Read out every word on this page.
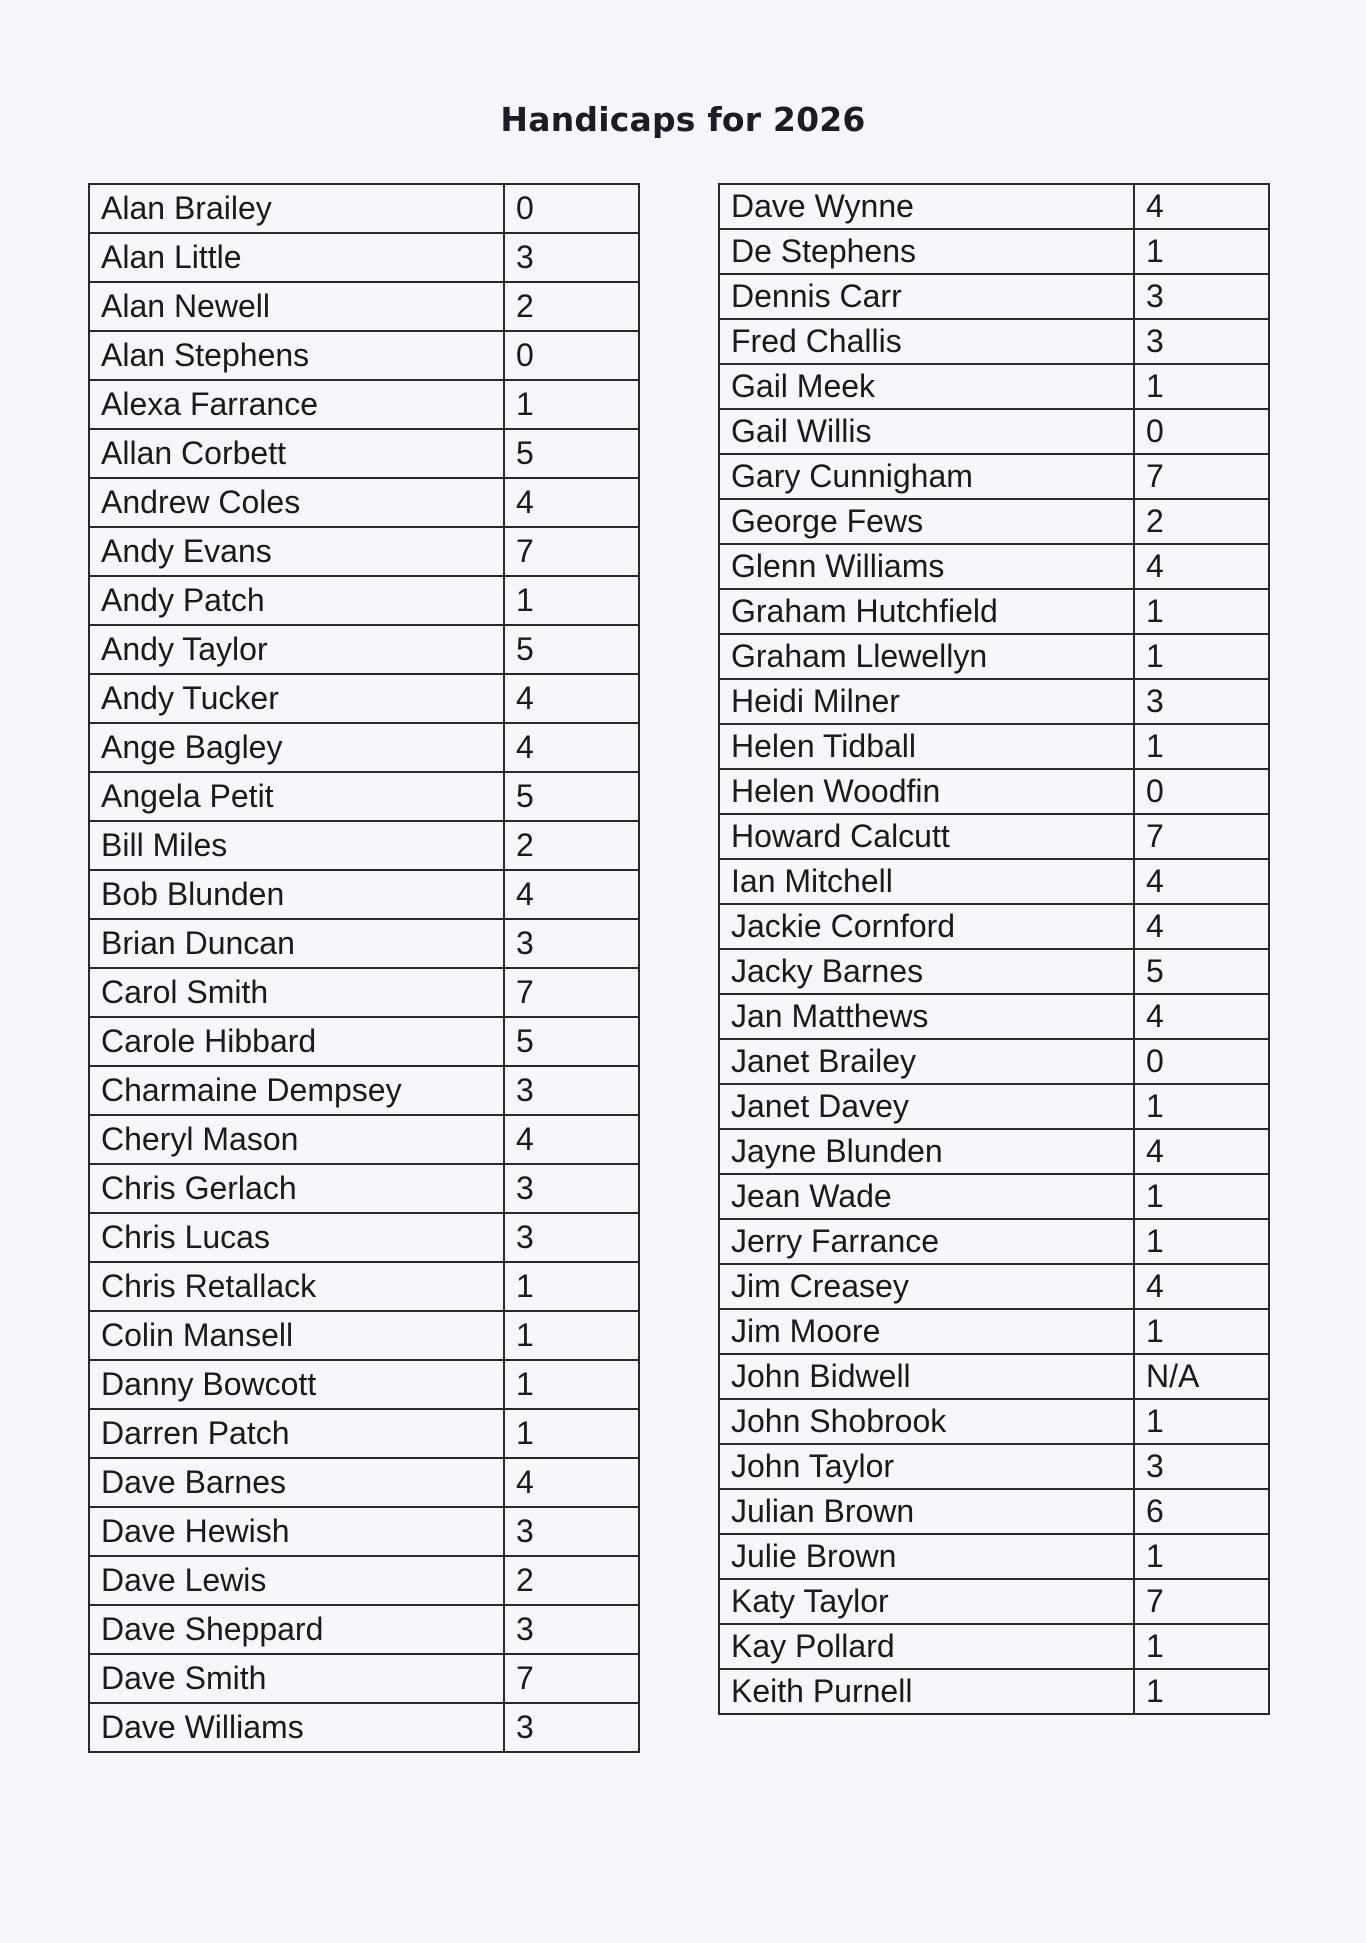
Handicaps for 2026
Alan Brailey	0
Alan Little	3
Alan Newell	2
Alan Stephens	0
Alexa Farrance	1
Allan Corbett	5
Andrew Coles	4
Andy Evans	7
Andy Patch	1
Andy Taylor	5
Andy Tucker	4
Ange Bagley	4
Angela Petit	5
Bill Miles	2
Bob Blunden	4
Brian Duncan	3
Carol Smith	7
Carole Hibbard	5
Charmaine Dempsey	3
Cheryl Mason	4
Chris Gerlach	3
Chris Lucas	3
Chris Retallack	1
Colin Mansell	1
Danny Bowcott	1
Darren Patch	1
Dave Barnes	4
Dave Hewish	3
Dave Lewis	2
Dave Sheppard	3
Dave Smith	7
Dave Williams	3
Dave Wynne	4
De Stephens	1
Dennis Carr	3
Fred Challis	3
Gail Meek	1
Gail Willis	0
Gary Cunnigham	7
George Fews	2
Glenn Williams	4
Graham Hutchfield	1
Graham Llewellyn	1
Heidi Milner	3
Helen Tidball	1
Helen Woodfin	0
Howard Calcutt	7
Ian Mitchell	4
Jackie Cornford	4
Jacky Barnes	5
Jan Matthews	4
Janet Brailey	0
Janet Davey	1
Jayne Blunden	4
Jean Wade	1
Jerry Farrance	1
Jim Creasey	4
Jim Moore	1
John Bidwell	N/A
John Shobrook	1
John Taylor	3
Julian Brown	6
Julie Brown	1
Katy Taylor	7
Kay Pollard	1
Keith Purnell	1
